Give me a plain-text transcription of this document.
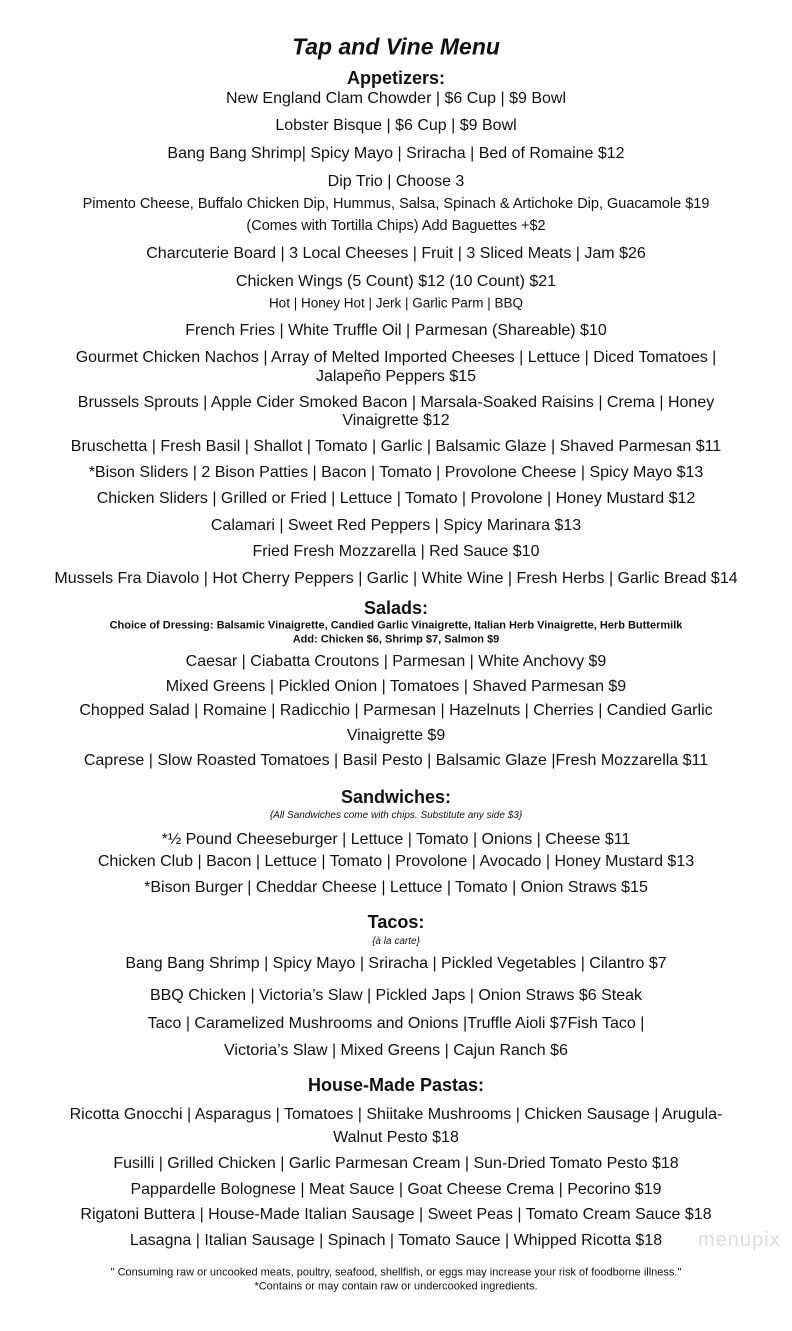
Tap and Vine Menu
Appetizers:
New England Clam Chowder | $6 Cup | $9 Bowl
Lobster Bisque | $6 Cup | $9 Bowl
Bang Bang Shrimp| Spicy Mayo | Sriracha | Bed of Romaine $12
Dip Trio | Choose 3
Pimento Cheese, Buffalo Chicken Dip, Hummus, Salsa, Spinach & Artichoke Dip, Guacamole $19
(Comes with Tortilla Chips) Add Baguettes +$2
Charcuterie Board | 3 Local Cheeses | Fruit | 3 Sliced Meats | Jam $26
Chicken Wings (5 Count) $12 (10 Count) $21
Hot | Honey Hot | Jerk | Garlic Parm | BBQ
French Fries | White Truffle Oil | Parmesan (Shareable) $10
Gourmet Chicken Nachos | Array of Melted Imported Cheeses | Lettuce | Diced Tomatoes |
Jalapeño Peppers $15
Brussels Sprouts | Apple Cider Smoked Bacon | Marsala-Soaked Raisins | Crema | Honey
Vinaigrette $12
Bruschetta | Fresh Basil | Shallot | Tomato | Garlic | Balsamic Glaze | Shaved Parmesan $11
*Bison Sliders | 2 Bison Patties | Bacon | Tomato | Provolone Cheese | Spicy Mayo $13
Chicken Sliders | Grilled or Fried | Lettuce | Tomato | Provolone | Honey Mustard $12
Calamari | Sweet Red Peppers | Spicy Marinara $13
Fried Fresh Mozzarella | Red Sauce $10
Mussels Fra Diavolo | Hot Cherry Peppers | Garlic | White Wine | Fresh Herbs | Garlic Bread $14
Salads:
Choice of Dressing: Balsamic Vinaigrette, Candied Garlic Vinaigrette, Italian Herb Vinaigrette, Herb Buttermilk
Add: Chicken $6, Shrimp $7, Salmon $9
Caesar | Ciabatta Croutons | Parmesan | White Anchovy $9
Mixed Greens | Pickled Onion | Tomatoes | Shaved Parmesan $9
Chopped Salad | Romaine | Radicchio | Parmesan | Hazelnuts | Cherries | Candied Garlic
Vinaigrette $9
Caprese | Slow Roasted Tomatoes | Basil Pesto | Balsamic Glaze |Fresh Mozzarella $11
Sandwiches:
{All Sandwiches come with chips. Substitute any side $3}
*½ Pound Cheeseburger | Lettuce | Tomato | Onions | Cheese $11
Chicken Club | Bacon | Lettuce | Tomato | Provolone | Avocado | Honey Mustard $13
*Bison Burger | Cheddar Cheese | Lettuce | Tomato | Onion Straws $15
Tacos:
{à la carte}
Bang Bang Shrimp | Spicy Mayo | Sriracha | Pickled Vegetables | Cilantro $7
BBQ Chicken | Victoria’s Slaw | Pickled Japs | Onion Straws $6 Steak
Taco | Caramelized Mushrooms and Onions |Truffle Aioli $7Fish Taco |
Victoria’s Slaw | Mixed Greens | Cajun Ranch $6
House-Made Pastas:
Ricotta Gnocchi | Asparagus | Tomatoes | Shiitake Mushrooms | Chicken Sausage | Arugula-
Walnut Pesto $18
Fusilli | Grilled Chicken | Garlic Parmesan Cream | Sun-Dried Tomato Pesto $18
Pappardelle Bolognese | Meat Sauce | Goat Cheese Crema | Pecorino $19
Rigatoni Buttera | House-Made Italian Sausage | Sweet Peas | Tomato Cream Sauce $18
Lasagna | Italian Sausage | Spinach | Tomato Sauce | Whipped Ricotta $18
" Consuming raw or uncooked meats, poultry, seafood, shellfish, or eggs may increase your risk of foodborne illness."
*Contains or may contain raw or undercooked ingredients.
menupix
